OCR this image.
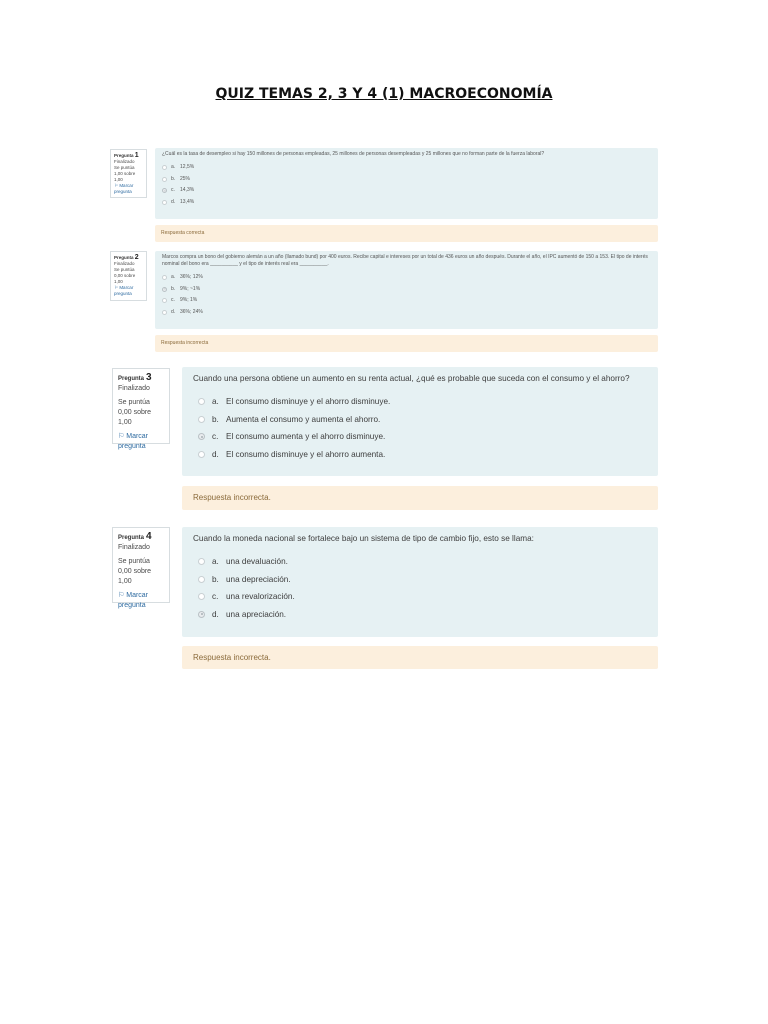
QUIZ TEMAS 2, 3 Y 4 (1) MACROECONOMÍA
Pregunta 1
Finalizado
Se puntúa 1,00 sobre 1,00
⚐ Marcar pregunta
¿Cuál es la tasa de desempleo si hay 150 millones de personas empleadas, 25 millones de personas desempleadas y 25 millones que no forman parte de la fuerza laboral?
a. 12,5%
b. 25%
c.	14,3%
d. 13,4%
Respuesta correcta
Pregunta 2
Finalizado
Se puntúa 0,00 sobre 1,00
⚐ Marcar pregunta
Marcos compra un bono del gobierno alemán a un año (llamado bund) por 400 euros. Recibe capital e intereses por un total de 436 euros un año después. Durante el año, el IPC aumentó de 150 a 153. El tipo de interés nominal del bono era __________ y el tipo de interés real era __________.
a. 36%; 12%
b. 9%; ~1%
c.	9%; 1%
d. 36%; 24%
Respuesta incorrecta
Pregunta 3
Finalizado
Se puntúa 0,00 sobre 1,00
⚐ Marcar pregunta
Cuando una persona obtiene un aumento en su renta actual, ¿qué es probable que suceda con el consumo y el ahorro?
a. El consumo disminuye y el ahorro disminuye.
b. Aumenta el consumo y aumenta el ahorro.
c. El consumo aumenta y el ahorro disminuye.
d. El consumo disminuye y el ahorro aumenta.
Respuesta incorrecta.
Pregunta 4
Finalizado
Se puntúa 0,00 sobre 1,00
⚐ Marcar pregunta
Cuando la moneda nacional se fortalece bajo un sistema de tipo de cambio fijo, esto se llama:
a. una devaluación.
b. una depreciación.
c. una revalorización.
d. una apreciación.
Respuesta incorrecta.
